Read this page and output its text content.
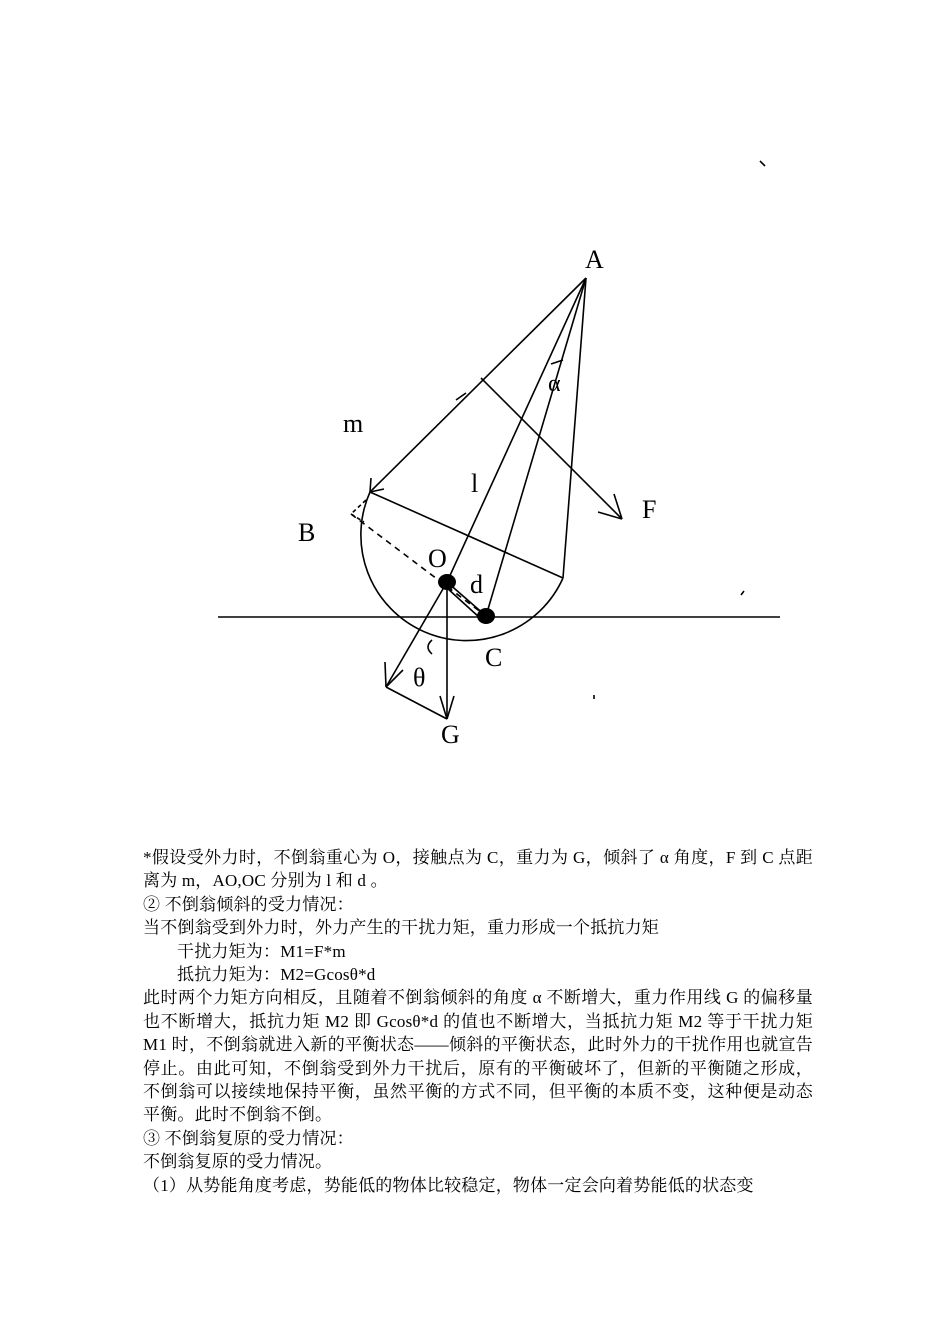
A
m
l
F
B
O
d
C
θ
G
α

*假设受外力时，不倒翁重心为 O，接触点为 C，重力为 G，倾斜了 α 角度，F 到 C 点距离为 m，AO,OC 分别为 l 和 d 。

② 不倒翁倾斜的受力情况：

当不倒翁受到外力时，外力产生的干扰力矩，重力形成一个抵抗力矩

干扰力矩为：M1=F*m

抵抗力矩为：M2=Gcosθ*d

此时两个力矩方向相反，且随着不倒翁倾斜的角度 α 不断增大，重力作用线 G 的偏移量也不断增大，抵抗力矩 M2 即 Gcosθ*d 的值也不断增大，当抵抗力矩 M2 等于干扰力矩 M1 时，不倒翁就进入新的平衡状态——倾斜的平衡状态，此时外力的干扰作用也就宣告停止。由此可知，不倒翁受到外力干扰后，原有的平衡破坏了，但新的平衡随之形成，不倒翁可以接续地保持平衡，虽然平衡的方式不同，但平衡的本质不变，这种便是动态平衡。此时不倒翁不倒。

③ 不倒翁复原的受力情况：

不倒翁复原的受力情况。

（1）从势能角度考虑，势能低的物体比较稳定，物体一定会向着势能低的状态变
